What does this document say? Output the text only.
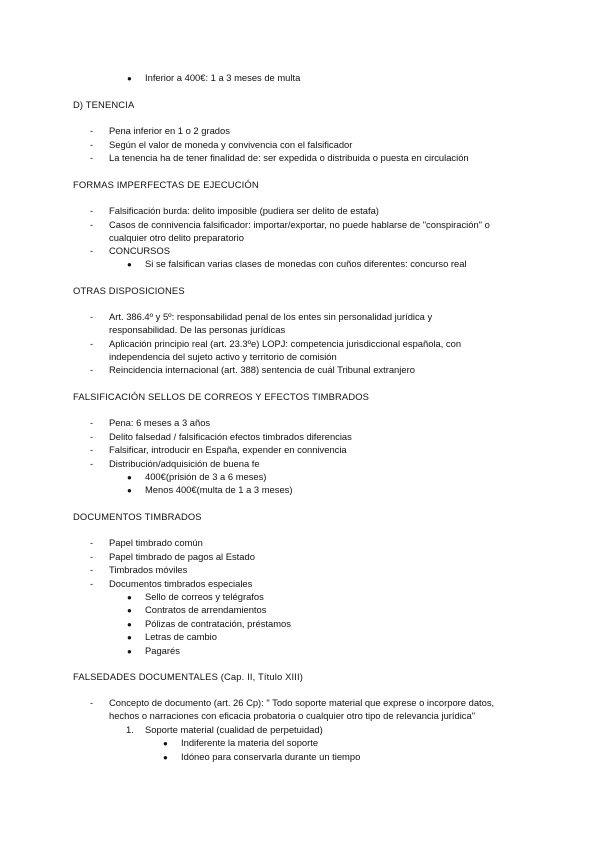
● Inferior a 400€: 1 a 3 meses de multa
D) TENENCIA
- Pena inferior en 1 o 2 grados
- Según el valor de moneda y convivencia con el falsificador
- La tenencia ha de tener finalidad de: ser expedida o distribuida o puesta en circulación
FORMAS IMPERFECTAS DE EJECUCIÓN
- Falsificación burda: delito imposible (pudiera ser delito de estafa)
- Casos de connivencia falsificador: importar/exportar, no puede hablarse de "conspiración" o
cualquier otro delito preparatorio
- CONCURSOS
● Si se falsifican varias clases de monedas con cuños diferentes: concurso real
OTRAS DISPOSICIONES
- Art. 386.4º y 5º: responsabilidad penal de los entes sin personalidad jurídica y
responsabilidad. De las personas jurídicas
- Aplicación principio real (art. 23.3ºe) LOPJ: competencia jurisdiccional española, con
independencia del sujeto activo y territorio de comisión
- Reincidencia internacional (art. 388) sentencia de cuál Tribunal extranjero
FALSIFICACIÓN SELLOS DE CORREOS Y EFECTOS TIMBRADOS
- Pena: 6 meses a 3 años
- Delito falsedad / falsificación efectos timbrados diferencias
- Falsificar, introducir en España, expender en connivencia
- Distribución/adquisición de buena fe
● 400€(prisión de 3 a 6 meses)
● Menos 400€(multa de 1 a 3 meses)
DOCUMENTOS TIMBRADOS
- Papel timbrado común
- Papel timbrado de pagos al Estado
- Timbrados móviles
- Documentos timbrados especiales
● Sello de correos y telégrafos
● Contratos de arrendamientos
● Pólizas de contratación, préstamos
● Letras de cambio
● Pagarés
FALSEDADES DOCUMENTALES (Cap. II, Título XIII)
- Concepto de documento (art. 26 Cp): " Todo soporte material que exprese o incorpore datos,
hechos o narraciones con eficacia probatoria o cualquier otro tipo de relevancia jurídica"
1. Soporte material (cualidad de perpetuidad)
● Indiferente la materia del soporte
● Idóneo para conservarla durante un tiempo
